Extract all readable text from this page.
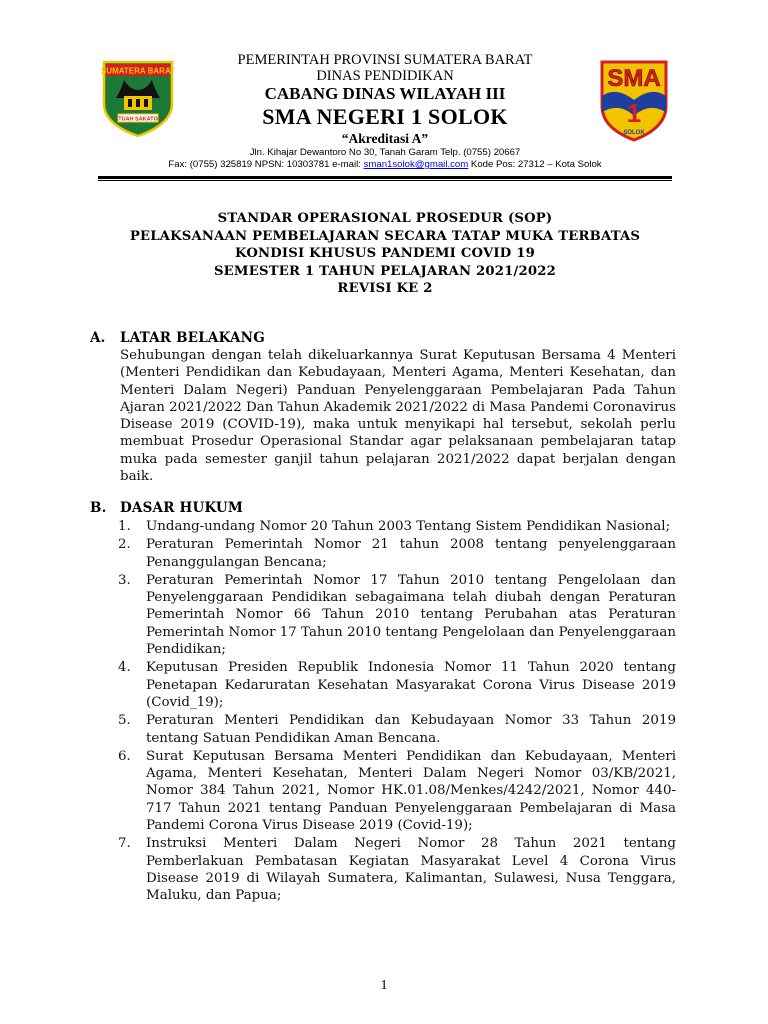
SUMATERA BARAT
TUAH SAKATO
SMA
1
SOLOK
PEMERINTAH PROVINSI SUMATERA BARAT
DINAS PENDIDIKAN
CABANG DINAS WILAYAH III
SMA NEGERI 1 SOLOK
“Akreditasi A”
Jln. Kihajar Dewantoro No 30, Tanah Garam Telp. (0755) 20667
Fax: (0755) 325819 NPSN: 10303781 e-mail: sman1solok@gmail.com Kode Pos: 27312 – Kota Solok
STANDAR OPERASIONAL PROSEDUR (SOP)
PELAKSANAAN PEMBELAJARAN SECARA TATAP MUKA TERBATAS
KONDISI KHUSUS PANDEMI COVID 19
SEMESTER 1 TAHUN PELAJARAN 2021/2022
REVISI KE 2
A. LATAR BELAKANG
Sehubungan dengan telah dikeluarkannya Surat Keputusan Bersama 4 Menteri (Menteri Pendidikan dan Kebudayaan, Menteri Agama, Menteri Kesehatan, dan Menteri Dalam Negeri) Panduan Penyelenggaraan Pembelajaran Pada Tahun Ajaran 2021/2022 Dan Tahun Akademik 2021/2022 di Masa Pandemi Coronavirus Disease 2019 (COVID-19), maka untuk menyikapi hal tersebut, sekolah perlu membuat Prosedur Operasional Standar agar pelaksanaan pembelajaran tatap muka pada semester ganjil tahun pelajaran 2021/2022 dapat berjalan dengan baik.
B. DASAR HUKUM
1. Undang-undang Nomor 20 Tahun 2003 Tentang Sistem Pendidikan Nasional;
2. Peraturan Pemerintah Nomor 21 tahun 2008 tentang penyelenggaraan Penanggulangan Bencana;
3. Peraturan Pemerintah Nomor 17 Tahun 2010 tentang Pengelolaan dan Penyelenggaraan Pendidikan sebagaimana telah diubah dengan Peraturan Pemerintah Nomor 66 Tahun 2010 tentang Perubahan atas Peraturan Pemerintah Nomor 17 Tahun 2010 tentang Pengelolaan dan Penyelenggaraan Pendidikan;
4. Keputusan Presiden Republik Indonesia Nomor 11 Tahun 2020 tentang Penetapan Kedaruratan Kesehatan Masyarakat Corona Virus Disease 2019 (Covid_19);
5. Peraturan Menteri Pendidikan dan Kebudayaan Nomor 33 Tahun 2019 tentang Satuan Pendidikan Aman Bencana.
6. Surat Keputusan Bersama Menteri Pendidikan dan Kebudayaan, Menteri Agama, Menteri Kesehatan, Menteri Dalam Negeri Nomor 03/KB/2021, Nomor 384 Tahun 2021, Nomor HK.01.08/Menkes/4242/2021, Nomor 440-717 Tahun 2021 tentang Panduan Penyelenggaraan Pembelajaran di Masa Pandemi Corona Virus Disease 2019 (Covid-19);
7. Instruksi Menteri Dalam Negeri Nomor 28 Tahun 2021 tentang Pemberlakuan Pembatasan Kegiatan Masyarakat Level 4 Corona Virus Disease 2019 di Wilayah Sumatera, Kalimantan, Sulawesi, Nusa Tenggara, Maluku, dan Papua;
1
